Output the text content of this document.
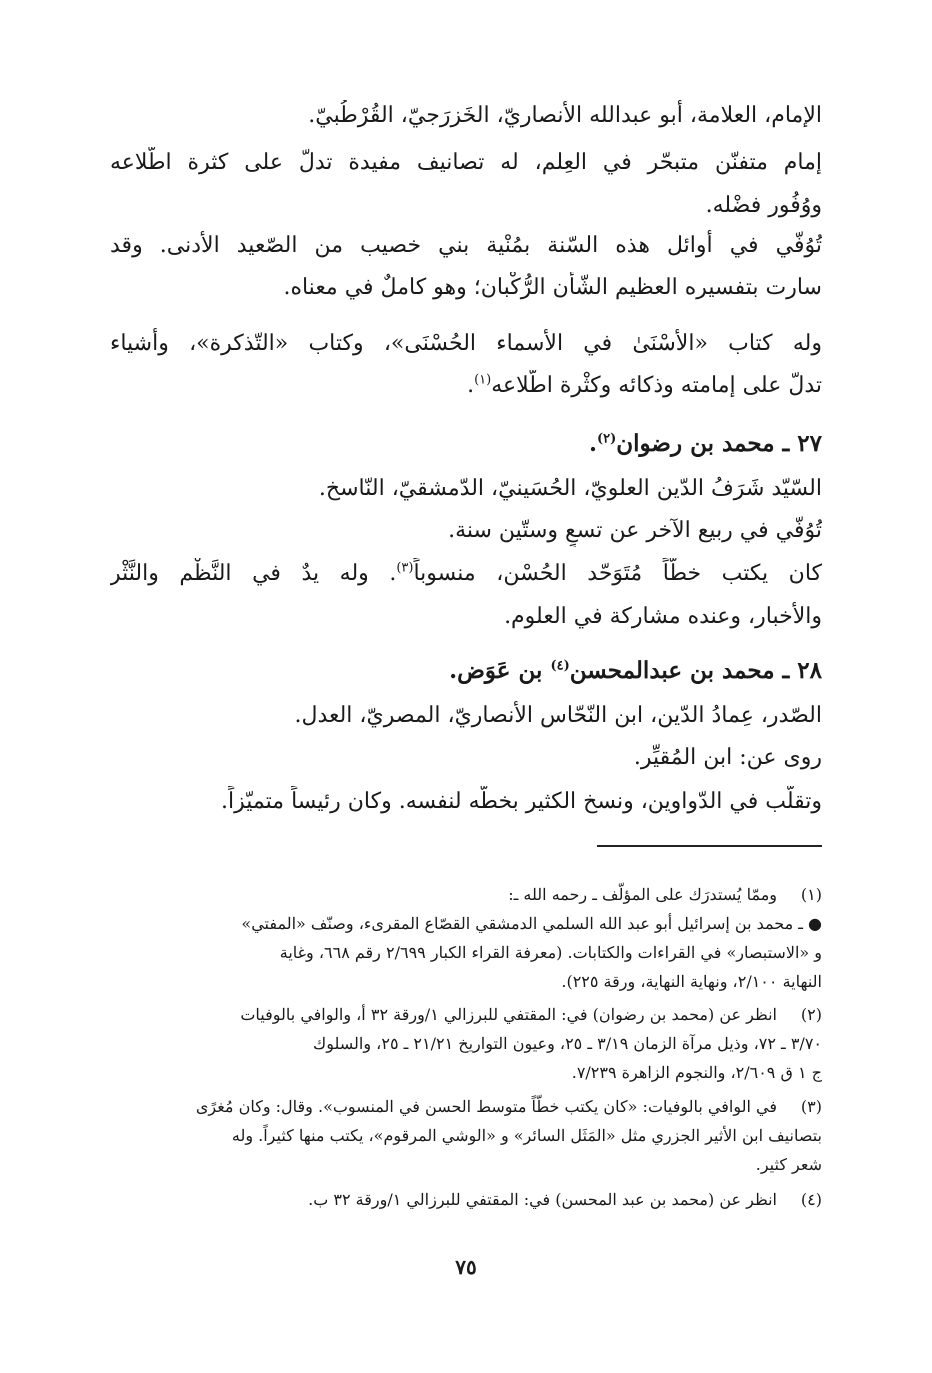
الإمام، العلامة، أبو عبدالله الأنصاريّ، الخَزرَجيّ، القُرْطُبيّ.
إمام متفنّن متبحّر في العِلم، له تصانيف مفيدة تدلّ على كثرة اطّلاعه
ووُفُور فضْله.
تُوُفّي في أوائل هذه السّنة بمُنْية بني خصيب من الصّعيد الأدنى. وقد
سارت بتفسيره العظيم الشّأن الرُّكْبان؛ وهو كاملٌ في معناه.
وله كتاب «الأَسْنَىٰ في الأسماء الحُسْنَى»، وكتاب «التّذكرة»، وأشياء
تدلّ على إمامته وذكائه وكثْرة اطّلاعه$^{(١)}$.
٢٧ ـ محمد بن رضوان$^{(٢)}$.
السّيّد شَرَفُ الدّين العلويّ، الحُسَينيّ، الدّمشقيّ، النّاسخ.
تُوُفّي في ربيع الآخر عن تسعٍ وستّين سنة.
كان يكتب خطّاً مُتَوَحّد الحُسْن، منسوباً$^{(٣)}$. وله يدٌ في النَّظْم والنَّثْر
والأخبار، وعنده مشاركة في العلوم.
٢٨ ـ محمد بن عبدالمحسن$^{(٤)}$ بن عَوَض.
الصّدر، عِمادُ الدّين، ابن النّحّاس الأنصاريّ، المصريّ، العدل.
روى عن: ابن المُقيِّر.
وتقلّب في الدّواوين، ونسخ الكثير بخطّه لنفسه. وكان رئيساً متميّزاً.
(١)وممّا يُستدرَك على المؤلّف ـ رحمه الله ـ:
● ـ محمد بن إسرائيل أبو عبد الله السلمي الدمشقي القصّاع المقرىء، وصنّف «المفتي»
و «الاستبصار» في القراءات والكتابات. (معرفة القراء الكبار ٢/٦٩٩ رقم ٦٦٨، وغاية
النهاية ٢/١٠٠، ونهاية النهاية، ورقة ٢٢٥).
(٢)انظر عن (محمد بن رضوان) في: المقتفي للبرزالي ١/ورقة ٣٢ أ، والوافي بالوفيات
٣/٧٠ ـ ٧٢، وذيل مرآة الزمان ٣/١٩ ـ ٢٥، وعيون التواريخ ٢١/٢١ ـ ٢٥، والسلوك
ج ١ ق ٢/٦٠٩، والنجوم الزاهرة ٧/٢٣٩.
(٣)في الوافي بالوفيات: «كان يكتب خطّاً متوسط الحسن في المنسوب». وقال: وكان مُغرًى
بتصانيف ابن الأثير الجزري مثل «المَثَل السائر» و «الوشي المرقوم»، يكتب منها كثيراً. وله
شعر كثير.
(٤)انظر عن (محمد بن عبد المحسن) في: المقتفي للبرزالي ١/ورقة ٣٢ ب.
٧٥
